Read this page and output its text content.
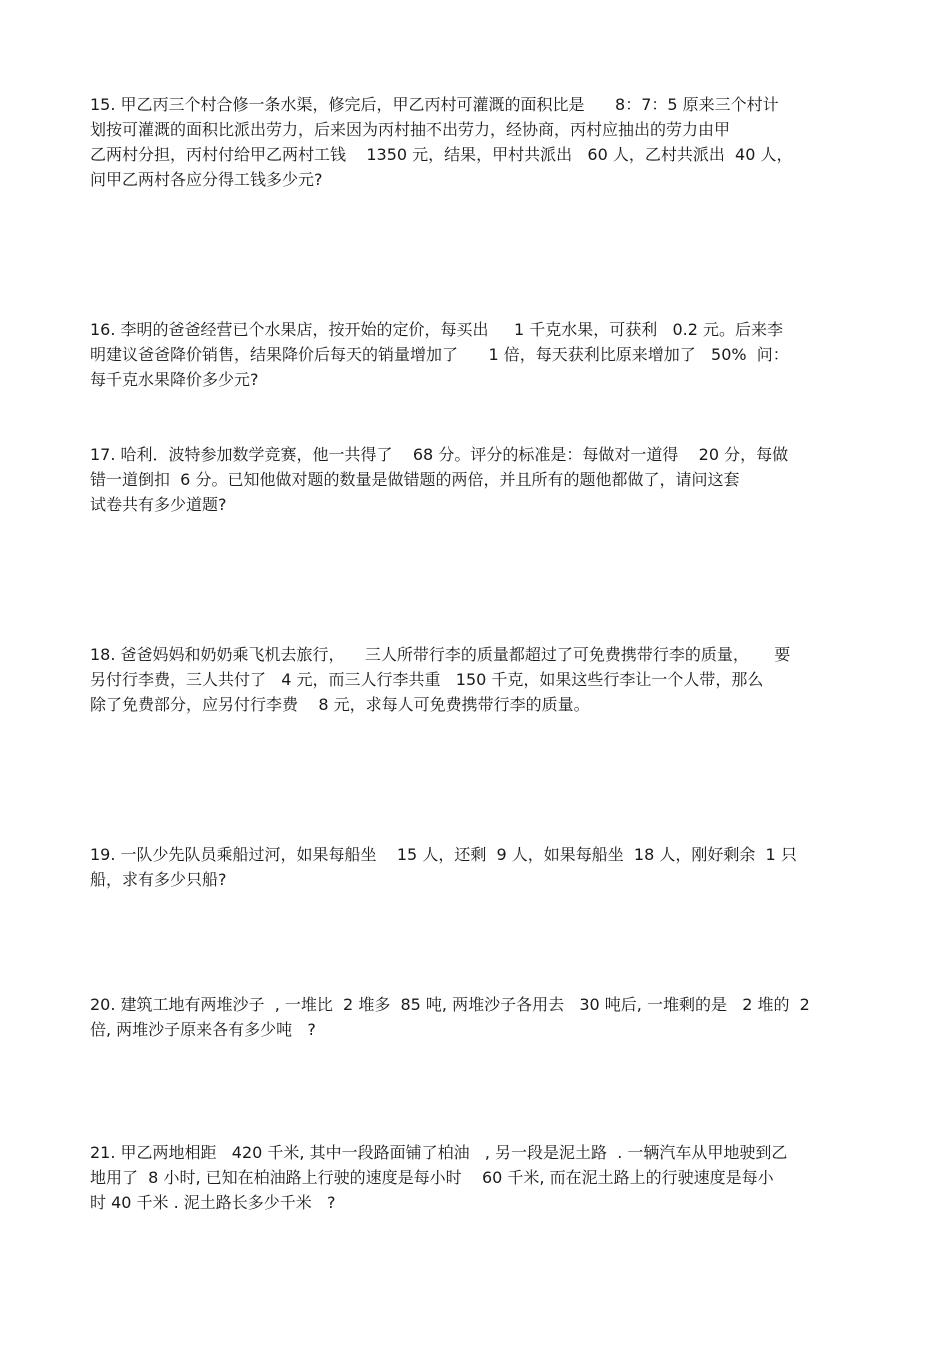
15. 甲乙丙三个村合修一条水渠，修完后，甲乙丙村可灌溉的面积比是      8：7：5 原来三个村计
划按可灌溉的面积比派出劳力，后来因为丙村抽不出劳力，经协商，丙村应抽出的劳力由甲
乙两村分担，丙村付给甲乙两村工钱    1350 元，结果，甲村共派出   60 人，乙村共派出  40 人，
问甲乙两村各应分得工钱多少元?
16. 李明的爸爸经营已个水果店，按开始的定价，每买出     1 千克水果，可获利   0.2 元。后来李
明建议爸爸降价销售，结果降价后每天的销量增加了      1 倍，每天获利比原来增加了   50%  问：
每千克水果降价多少元?
17. 哈利．波特参加数学竞赛，他一共得了    68 分。评分的标准是：每做对一道得    20 分，每做
错一道倒扣  6 分。已知他做对题的数量是做错题的两倍，并且所有的题他都做了，请问这套
试卷共有多少道题?
18. 爸爸妈妈和奶奶乘飞机去旅行，    三人所带行李的质量都超过了可免费携带行李的质量，     要
另付行李费，三人共付了   4 元，而三人行李共重   150 千克，如果这些行李让一个人带，那么
除了免费部分，应另付行李费    8 元，求每人可免费携带行李的质量。
19. 一队少先队员乘船过河，如果每船坐    15 人，还剩  9 人，如果每船坐  18 人，刚好剩余  1 只
船，求有多少只船?
20. 建筑工地有两堆沙子  , 一堆比  2 堆多  85 吨, 两堆沙子各用去   30 吨后, 一堆剩的是   2 堆的  2
倍, 两堆沙子原来各有多少吨   ?
21. 甲乙两地相距   420 千米, 其中一段路面铺了柏油   , 另一段是泥土路  . 一辆汽车从甲地驶到乙
地用了  8 小时, 已知在柏油路上行驶的速度是每小时    60 千米, 而在泥土路上的行驶速度是每小
时 40 千米 . 泥土路长多少千米   ?
